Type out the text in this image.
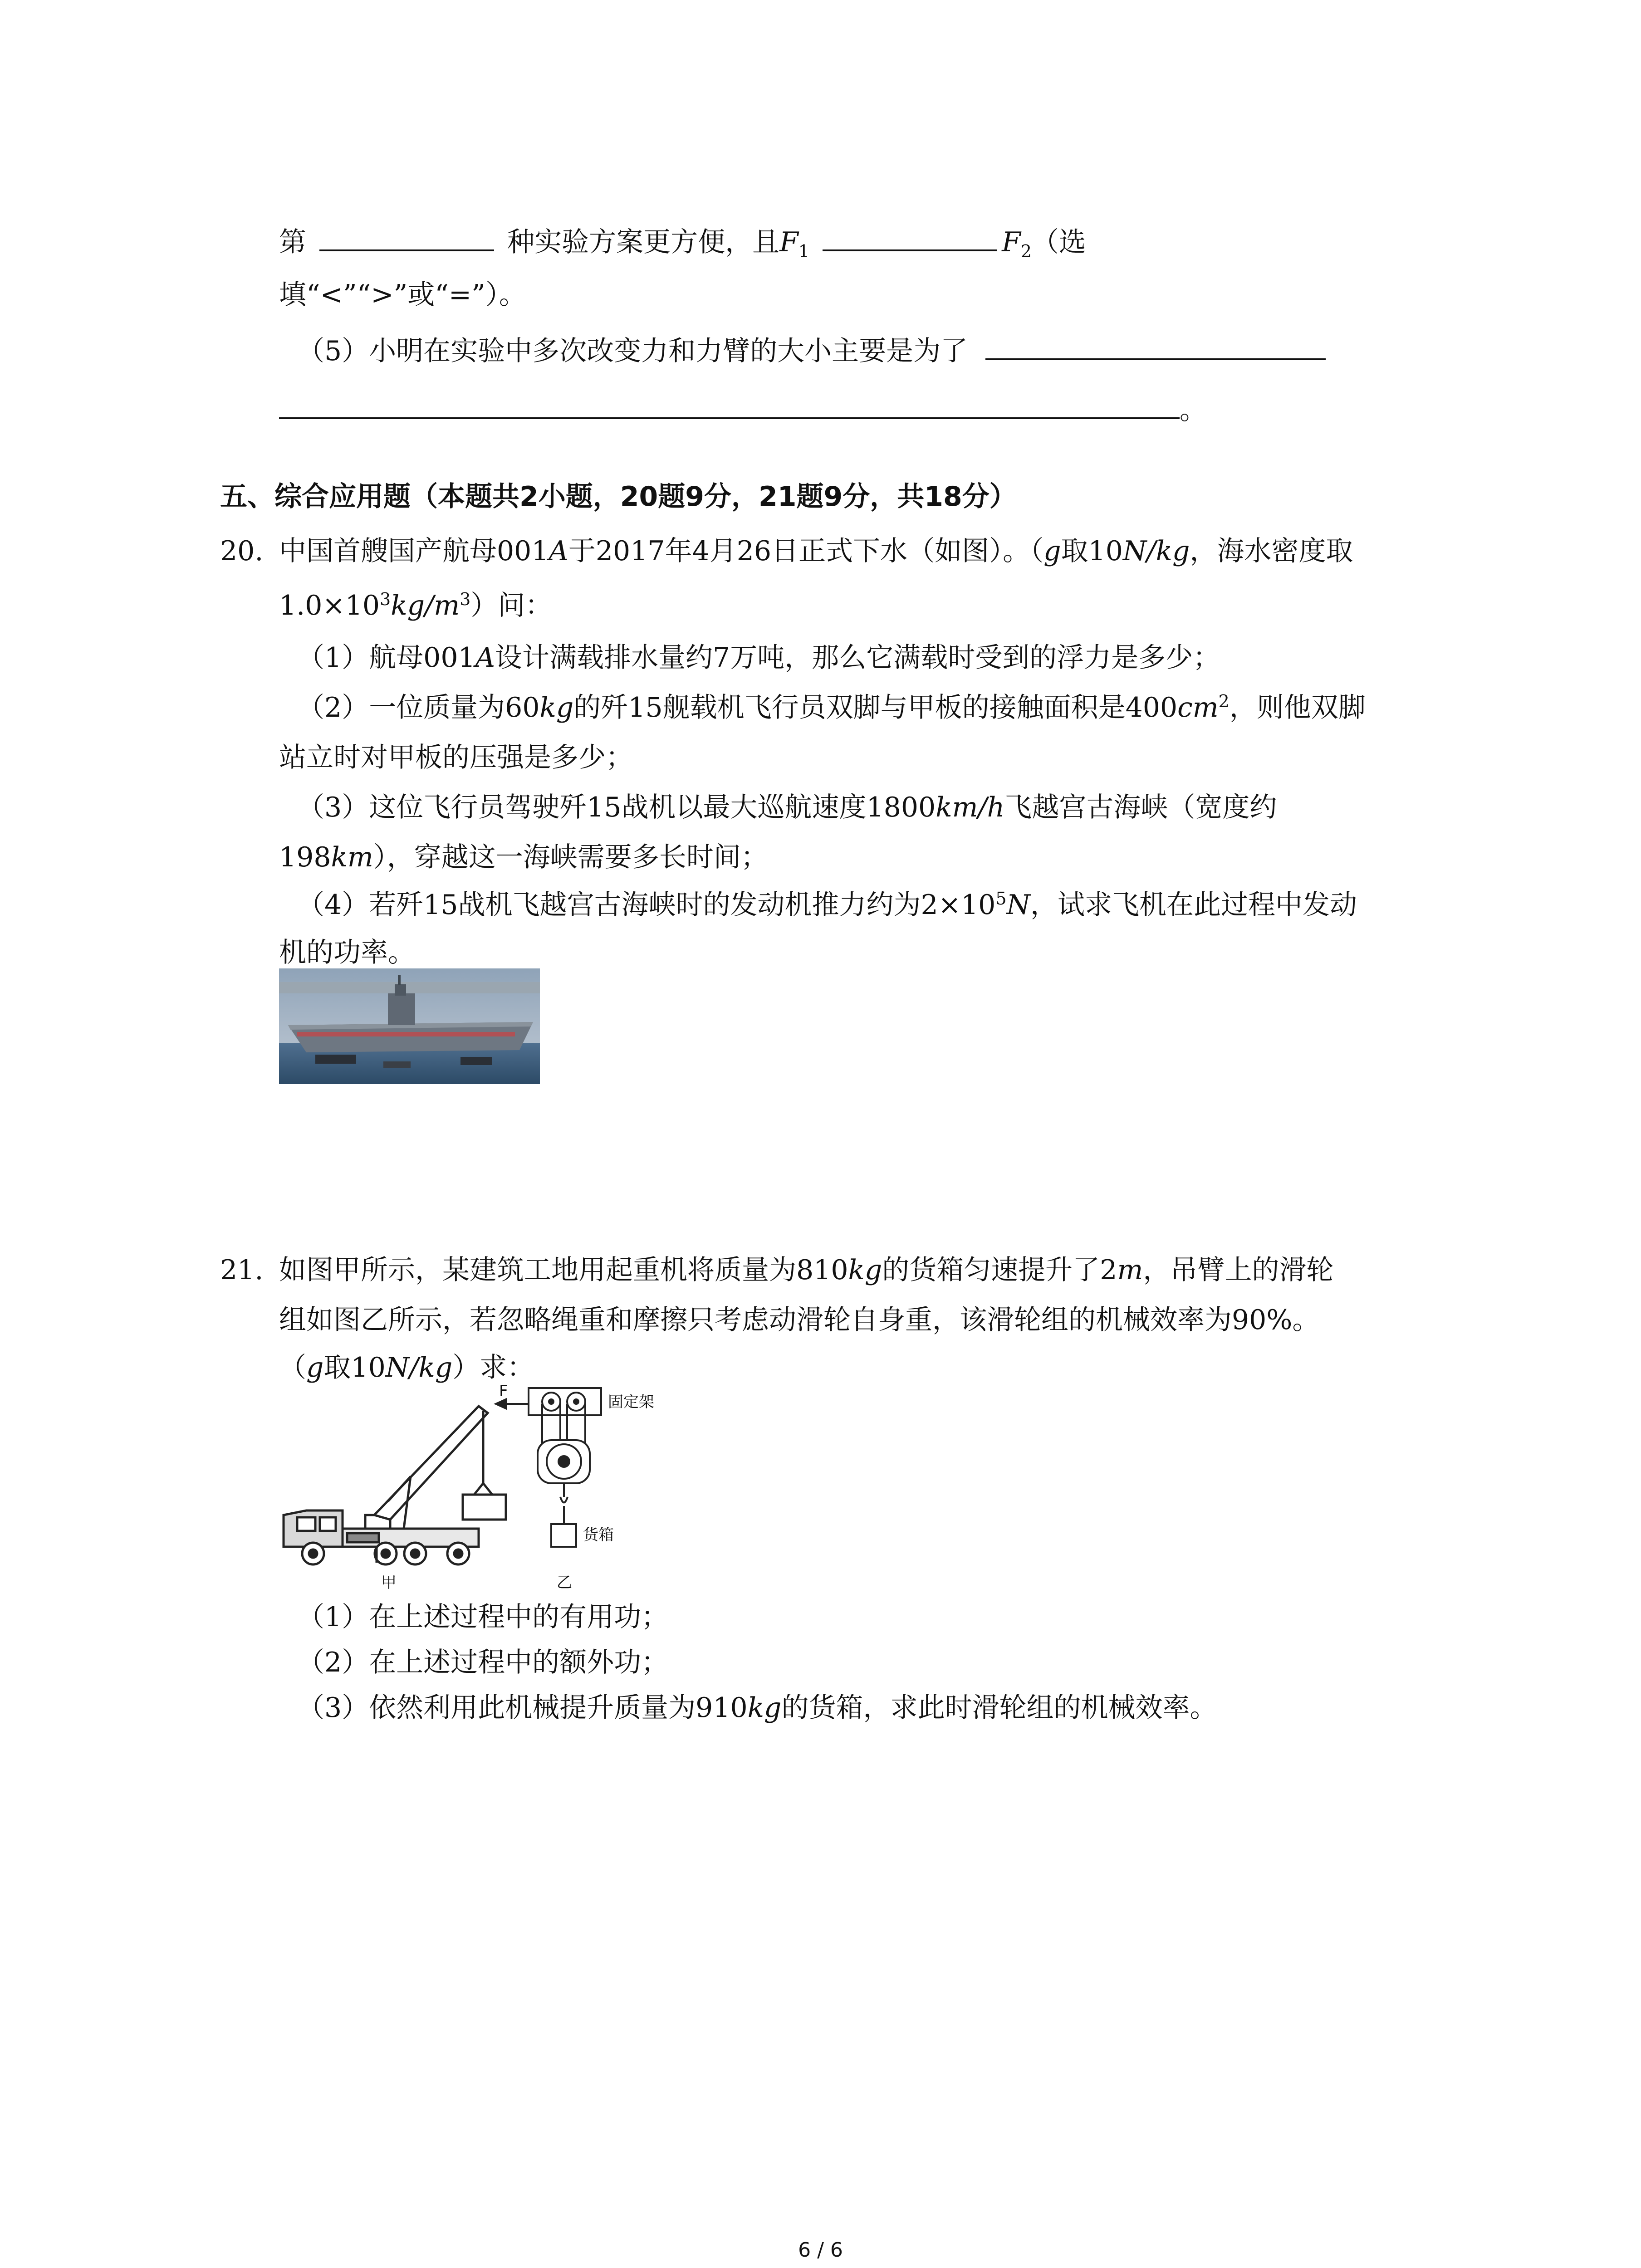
第	种实验方案更方便，且$F_1$	$F_2$（选
填“<”“>”或“=”）。
（5）小明在实验中多次改变力和力臂的大小主要是为了
。
五、综合应用题（本题共2小题，20题9分，21题9分，共18分）
20. 中国首艘国产航母001A于2017年4月26日正式下水（如图）。（g取10N/kg，海水密度取
$1.0\times 10^3kg/m^3$）问：
（1）航母001A设计满载排水量约7万吨，那么它满载时受到的浮力是多少；
（2）一位质量为60kg的歼15舰载机飞行员双脚与甲板的接触面积是$400cm^2$，则他双脚
站立时对甲板的压强是多少；
（3）这位飞行员驾驶歼15战机以最大巡航速度1800km/h飞越宫古海峡（宽度约
198km），穿越这一海峡需要多长时间；
（4）若歼15战机飞越宫古海峡时的发动机推力约为$2\times 10^5N$，试求飞机在此过程中发动
机的功率。
21. 如图甲所示，某建筑工地用起重机将质量为810kg的货箱匀速提升了2m，吊臂上的滑轮
组如图乙所示，若忽略绳重和摩擦只考虑动滑轮自身重，该滑轮组的机械效率为90%。
（g取10N/kg）求：
F
固定架
货箱
甲	乙
（1）在上述过程中的有用功；
（2）在上述过程中的额外功；
（3）依然利用此机械提升质量为910kg的货箱，求此时滑轮组的机械效率。
6 / 6
